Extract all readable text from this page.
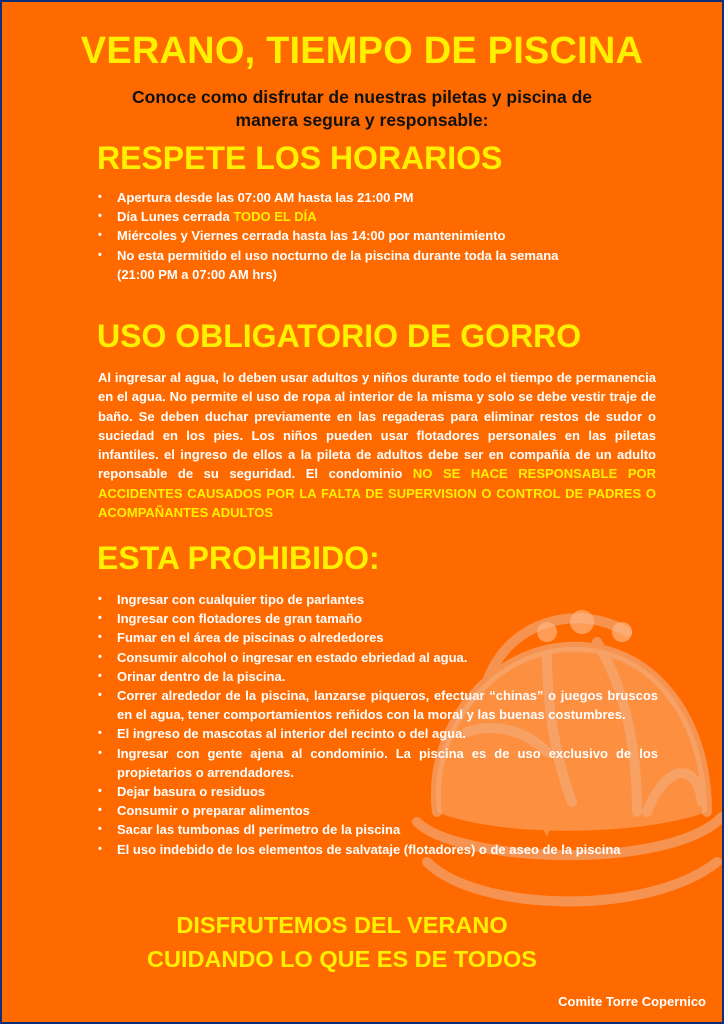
VERANO, TIEMPO DE PISCINA
Conoce como disfrutar de nuestras piletas y piscina de manera segura y responsable:
RESPETE LOS HORARIOS
• Apertura desde las 07:00 AM hasta las 21:00 PM
• Día Lunes cerrada TODO EL DÍA
• Miércoles y Viernes cerrada hasta las 14:00 por mantenimiento
• No esta permitido el uso nocturno de la piscina durante toda la semana (21:00 PM a 07:00 AM hrs)
USO OBLIGATORIO DE GORRO
Al ingresar al agua, lo deben usar adultos y niños durante todo el tiempo de permanencia en el agua. No permite el uso de ropa al interior de la misma y solo se debe vestir traje de baño. Se deben duchar previamente en las regaderas para eliminar restos de sudor o suciedad en los pies. Los niños pueden usar flotadores personales en las piletas infantiles. el ingreso de ellos a la pileta de adultos debe ser en compañía de un adulto reponsable de su seguridad. El condominio NO SE HACE RESPONSABLE POR ACCIDENTES CAUSADOS POR LA FALTA DE SUPERVISION O CONTROL DE PADRES O ACOMPAÑANTES ADULTOS
ESTA PROHIBIDO:
• Ingresar con cualquier tipo de parlantes
• Ingresar con flotadores de gran tamaño
• Fumar en el área de piscinas o alrededores
• Consumir alcohol o ingresar en estado ebriedad al agua.
• Orinar dentro de la piscina.
• Correr alrededor de la piscina, lanzarse piqueros, efectuar “chinas” o juegos bruscos en el agua, tener comportamientos reñidos con la moral y las buenas costumbres.
• El ingreso de mascotas al interior del recinto o del agua.
• Ingresar con gente ajena al condominio. La piscina es de uso exclusivo de los propietarios o arrendadores.
• Dejar basura o residuos
• Consumir o preparar alimentos
• Sacar las tumbonas dl perímetro de la piscina
• El uso indebido de los elementos de salvataje (flotadores) o de aseo de la piscina
DISFRUTEMOS DEL VERANO
CUIDANDO LO QUE ES DE TODOS
Comite Torre Copernico
